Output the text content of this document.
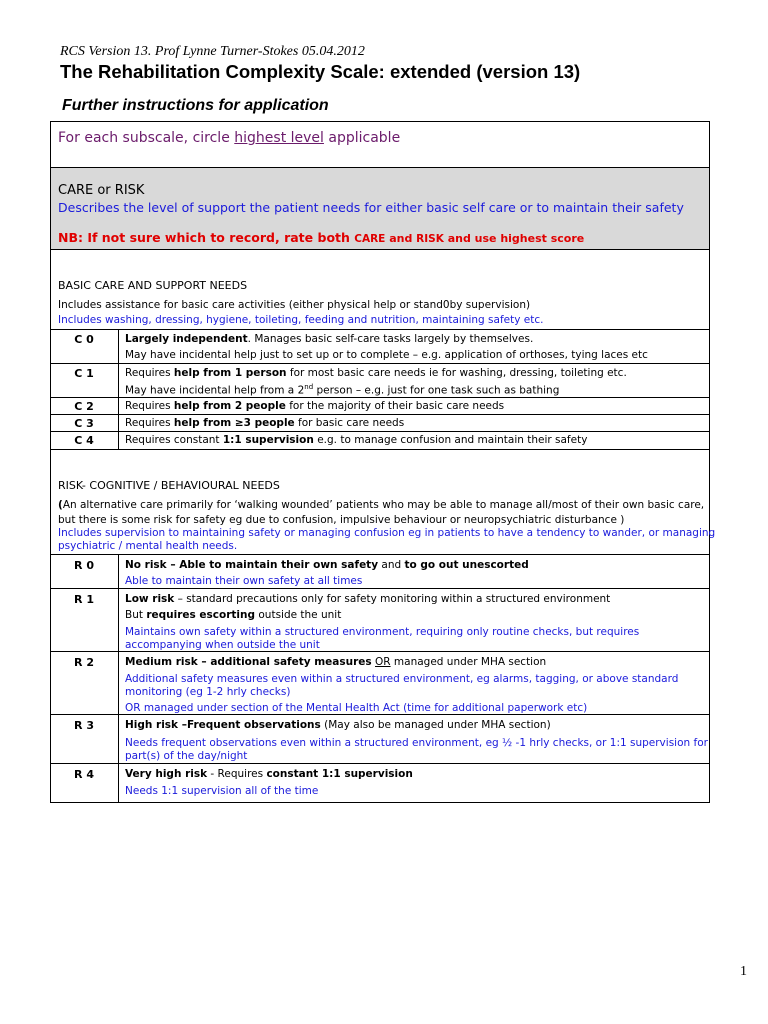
RCS Version 13. Prof Lynne Turner-Stokes 05.04.2012
The Rehabilitation Complexity Scale: extended (version 13)
Further instructions for application
For each subscale, circle highest level applicable
CARE or RISK
Describes the level of support the patient needs for either basic self care or to maintain their safety
NB: If not sure which to record, rate both CARE and RISK and use highest score
BASIC CARE AND SUPPORT NEEDS
Includes assistance for basic care activities (either physical help or stand0by supervision)
Includes washing, dressing, hygiene, toileting, feeding and nutrition, maintaining safety etc.
C 0	Largely independent. Manages basic self-care tasks largely by themselves.
May have incidental help just to set up or to complete – e.g. application of orthoses, tying laces etc
C 1	Requires help from 1 person for most basic care needs ie for washing, dressing, toileting etc.
May have incidental help from a 2nd person – e.g. just for one task such as bathing
C 2	Requires help from 2 people for the majority of their basic care needs
C 3	Requires help from ≥3 people for basic care needs
C 4	Requires constant 1:1 supervision e.g. to manage confusion and maintain their safety
RISK- COGNITIVE / BEHAVIOURAL NEEDS
(An alternative care primarily for ‘walking wounded’ patients who may be able to manage all/most of their own basic care,
but there is some risk for safety eg due to confusion, impulsive behaviour or neuropsychiatric disturbance )
Includes supervision to maintaining safety or managing confusion eg in patients to have a tendency to wander, or managing
psychiatric / mental health needs.
R 0	No risk – Able to maintain their own safety and to go out unescorted
Able to maintain their own safety at all times
R 1	Low risk – standard precautions only for safety monitoring within a structured environment
But requires escorting outside the unit
Maintains own safety within a structured environment, requiring only routine checks, but requires
accompanying when outside the unit
R 2	Medium risk – additional safety measures OR managed under MHA section
Additional safety measures even within a structured environment, eg alarms, tagging, or above standard
monitoring (eg 1-2 hrly checks)
OR managed under section of the Mental Health Act (time for additional paperwork etc)
R 3	High risk –Frequent observations (May also be managed under MHA section)
Needs frequent observations even within a structured environment, eg ½ -1 hrly checks, or 1:1 supervision for
part(s) of the day/night
R 4	Very high risk - Requires constant 1:1 supervision
Needs 1:1 supervision all of the time
1
